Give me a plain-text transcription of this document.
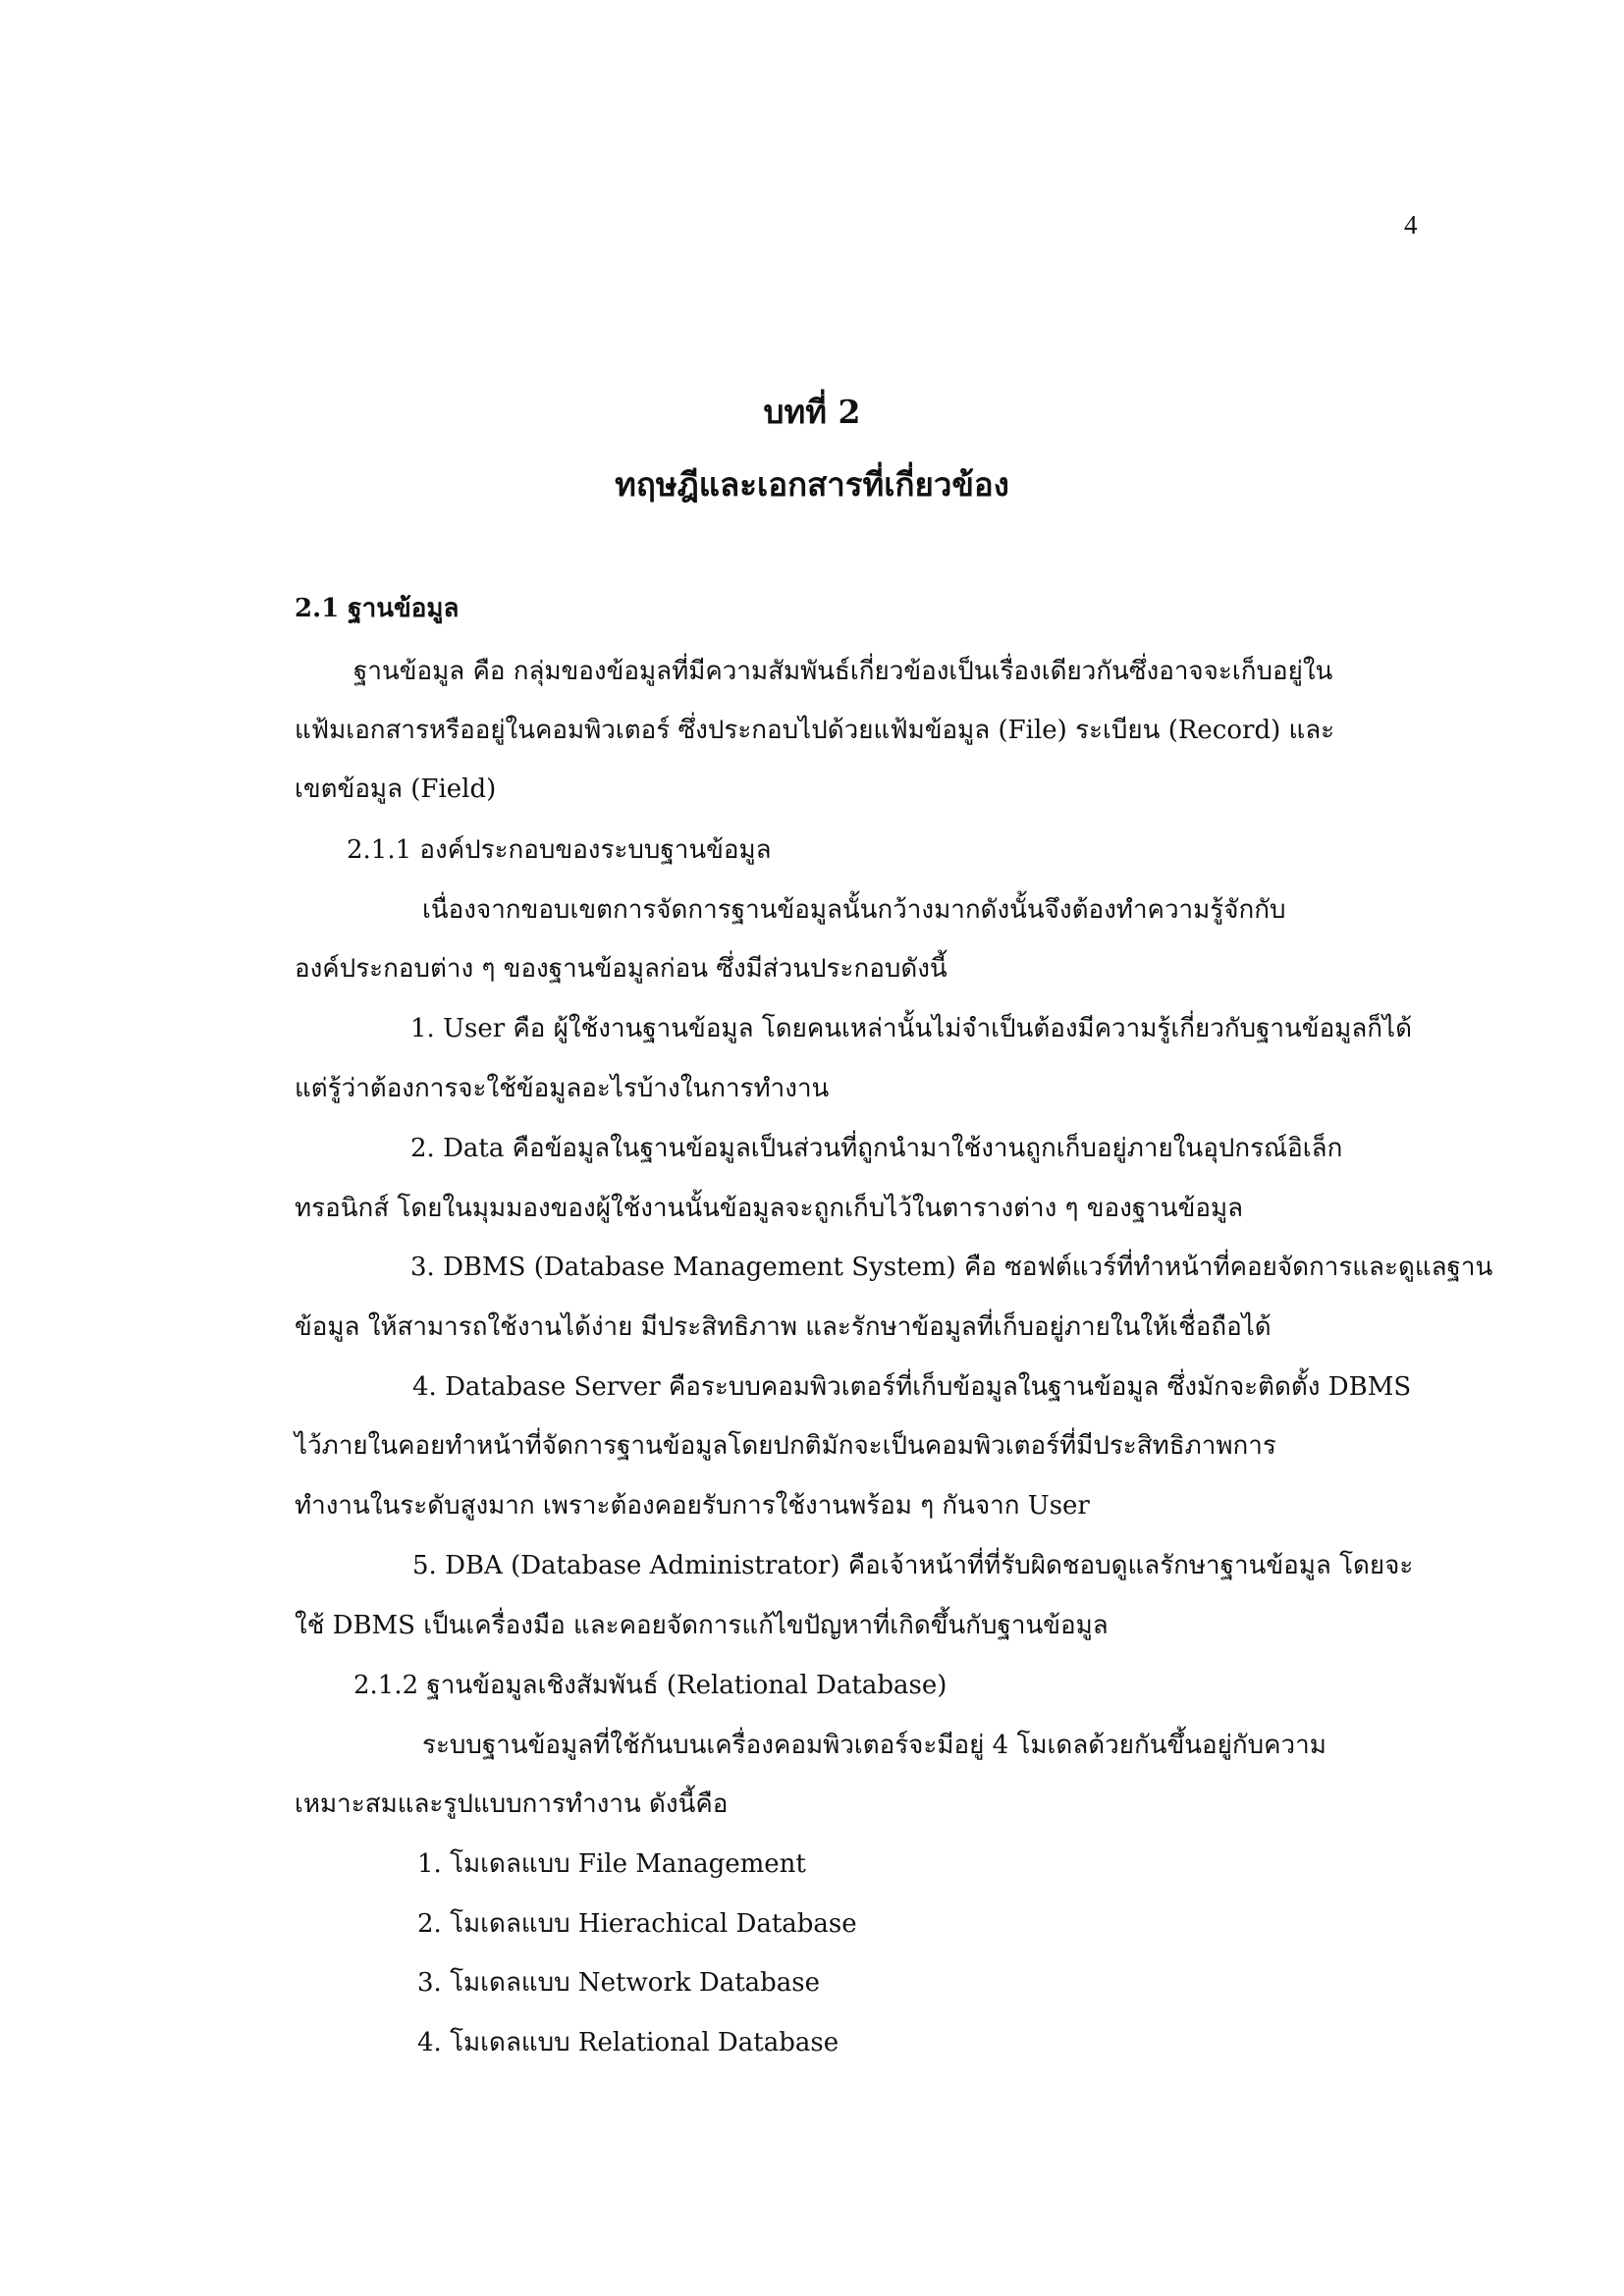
4
บทที่ 2
ทฤษฎีและเอกสารที่เกี่ยวข้อง
2.1 ฐานข้อมูล
ฐานข้อมูล คือ กลุ่มของข้อมูลที่มีความสัมพันธ์เกี่ยวข้องเป็นเรื่องเดียวกันซึ่งอาจจะเก็บอยู่ใน
แฟ้มเอกสารหรืออยู่ในคอมพิวเตอร์ ซึ่งประกอบไปด้วยแฟ้มข้อมูล (File) ระเบียน (Record) และ
เขตข้อมูล (Field)
2.1.1 องค์ประกอบของระบบฐานข้อมูล
เนื่องจากขอบเขตการจัดการฐานข้อมูลนั้นกว้างมากดังนั้นจึงต้องทำความรู้จักกับ
องค์ประกอบต่าง ๆ ของฐานข้อมูลก่อน ซึ่งมีส่วนประกอบดังนี้
1. User คือ ผู้ใช้งานฐานข้อมูล โดยคนเหล่านั้นไม่จำเป็นต้องมีความรู้เกี่ยวกับฐานข้อมูลก็ได้
แต่รู้ว่าต้องการจะใช้ข้อมูลอะไรบ้างในการทำงาน
2. Data คือข้อมูลในฐานข้อมูลเป็นส่วนที่ถูกนำมาใช้งานถูกเก็บอยู่ภายในอุปกรณ์อิเล็ก
ทรอนิกส์ โดยในมุมมองของผู้ใช้งานนั้นข้อมูลจะถูกเก็บไว้ในตารางต่าง ๆ ของฐานข้อมูล
3. DBMS (Database Management System) คือ ซอฟต์แวร์ที่ทำหน้าที่คอยจัดการและดูแลฐาน
ข้อมูล ให้สามารถใช้งานได้ง่าย มีประสิทธิภาพ และรักษาข้อมูลที่เก็บอยู่ภายในให้เชื่อถือได้
4. Database Server คือระบบคอมพิวเตอร์ที่เก็บข้อมูลในฐานข้อมูล ซึ่งมักจะติดตั้ง DBMS
ไว้ภายในคอยทำหน้าที่จัดการฐานข้อมูลโดยปกติมักจะเป็นคอมพิวเตอร์ที่มีประสิทธิภาพการ
ทำงานในระดับสูงมาก เพราะต้องคอยรับการใช้งานพร้อม ๆ กันจาก User
5. DBA (Database Administrator) คือเจ้าหน้าที่ที่รับผิดชอบดูแลรักษาฐานข้อมูล โดยจะ
ใช้ DBMS เป็นเครื่องมือ และคอยจัดการแก้ไขปัญหาที่เกิดขึ้นกับฐานข้อมูล
2.1.2 ฐานข้อมูลเชิงสัมพันธ์ (Relational Database)
ระบบฐานข้อมูลที่ใช้กันบนเครื่องคอมพิวเตอร์จะมีอยู่ 4 โมเดลด้วยกันขึ้นอยู่กับความ
เหมาะสมและรูปแบบการทำงาน ดังนี้คือ
1. โมเดลแบบ File Management
2. โมเดลแบบ Hierachical Database
3. โมเดลแบบ Network Database
4. โมเดลแบบ Relational Database
